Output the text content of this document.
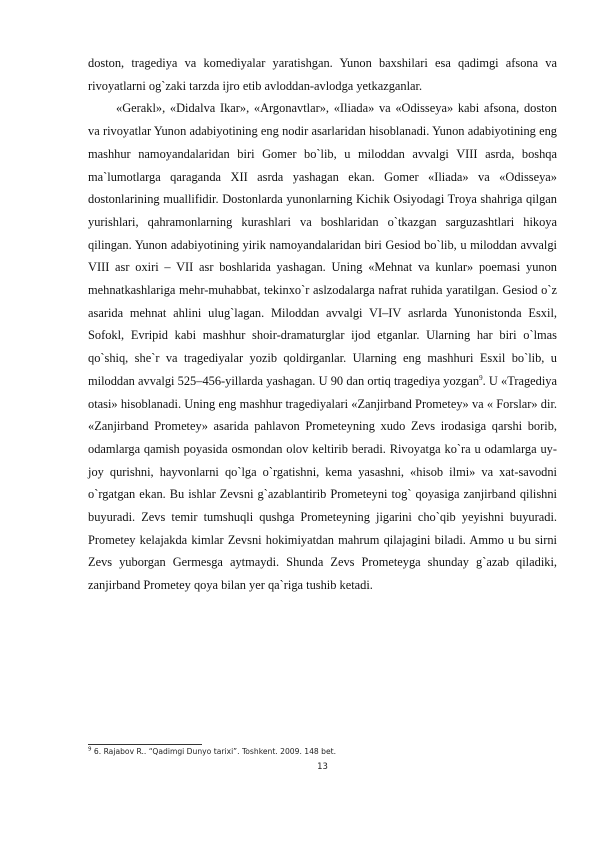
doston, tragediya va komediyalar yaratishgan. Yunon baxshilari esa qadimgi afsona va rivoyatlarni og`zaki tarzda ijro etib avloddan-avlodga yetkazganlar.

«Gerakl», «Didalva Ikar», «Argonavtlar», «Iliada» va «Odisseya» kabi afsona, doston va rivoyatlar Yunon adabiyotining eng nodir asarlaridan hisoblanadi. Yunon adabiyotining eng mashhur namoyandalaridan biri Gomer bo`lib, u miloddan avvalgi VIII asrda, boshqa ma`lumotlarga qaraganda XII asrda yashagan ekan. Gomer «Iliada» va «Odisseya» dostonlarining muallifidir. Dostonlarda yunonlarning Kichik Osiyodagi Troya shahriga qilgan yurishlari, qahramonlarning kurashlari va boshlaridan o`tkazgan sarguzashtlari hikoya qilingan. Yunon adabiyotining yirik namoyandalaridan biri Gesiod bo`lib, u miloddan avvalgi VIII asr oxiri – VII asr boshlarida yashagan. Uning «Mehnat va kunlar» poemasi yunon mehnatkashlariga mehr-muhabbat, tekinxo`r aslzodalarga nafrat ruhida yaratilgan. Gesiod o`z asarida mehnat ahlini ulug`lagan. Miloddan avvalgi VI–IV asrlarda Yunonistonda Esxil, Sofokl, Evripid kabi mashhur shoir-dramaturglar ijod etganlar. Ularning har biri o`lmas qo`shiq, she`r va tragediyalar yozib qoldirganlar. Ularning eng mashhuri Esxil bo`lib, u miloddan avvalgi 525–456-yillarda yashagan. U 90 dan ortiq tragediya yozgan$^9$. U «Tragediya otasi» hisoblanadi. Uning eng mashhur tragediyalari «Zanjirband Prometey» va « Forslar» dir. «Zanjirband Prometey» asarida pahlavon Prometeyning xudo Zevs irodasiga qarshi borib, odamlarga qamish poyasida osmondan olov keltirib beradi. Rivoyatga ko`ra u odamlarga uy-joy qurishni, hayvonlarni qo`lga o`rgatishni, kema yasashni, «hisob ilmi» va xat-savodni o`rgatgan ekan. Bu ishlar Zevsni g`azablantirib Prometeyni tog` qoyasiga zanjirband qilishni buyuradi. Zevs temir tumshuqli qushga Prometeyning jigarini cho`qib yeyishni buyuradi. Prometey kelajakda kimlar Zevsni hokimiyatdan mahrum qilajagini biladi. Ammo u bu sirni Zevs yuborgan Germesga aytmaydi. Shunda Zevs Prometeyga shunday g`azab qiladiki, zanjirband Prometey qoya bilan yer qa`riga tushib ketadi.

$^9$ 6. Rajabov R.. “Qadimgi Dunyo tarixi”. Toshkent. 2009. 148 bet.
13
